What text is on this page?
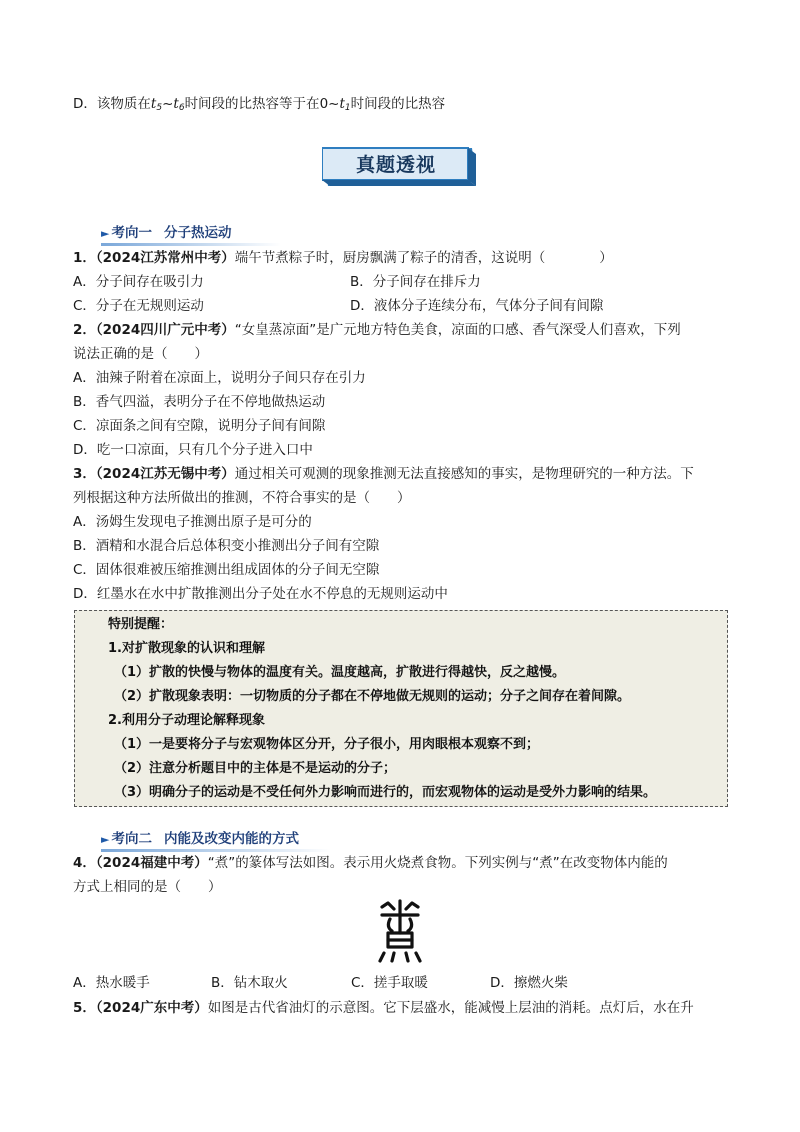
D．该物质在$t_5\sim t_6$时间段的比热容等于在$0\sim t_1$时间段的比热容
真题透视
► 考向一 分子热运动
1．（2024江苏常州中考）端午节煮粽子时，厨房飘满了粽子的清香，这说明（　　　　）
A．分子间存在吸引力	B．分子间存在排斥力
C．分子在无规则运动	D．液体分子连续分布，气体分子间有间隙
2．（2024四川广元中考）“女皇蒸凉面”是广元地方特色美食，凉面的口感、香气深受人们喜欢，下列
说法正确的是（　　）
A．油辣子附着在凉面上，说明分子间只存在引力
B．香气四溢，表明分子在不停地做热运动
C．凉面条之间有空隙，说明分子间有间隙
D．吃一口凉面，只有几个分子进入口中
3．（2024江苏无锡中考）通过相关可观测的现象推测无法直接感知的事实，是物理研究的一种方法。下
列根据这种方法所做出的推测，不符合事实的是（　　）
A．汤姆生发现电子推测出原子是可分的
B．酒精和水混合后总体积变小推测出分子间有空隙
C．固体很难被压缩推测出组成固体的分子间无空隙
D．红墨水在水中扩散推测出分子处在水不停息的无规则运动中
特别提醒：
1.对扩散现象的认识和理解
（1）扩散的快慢与物体的温度有关。温度越高，扩散进行得越快，反之越慢。
（2）扩散现象表明：一切物质的分子都在不停地做无规则的运动；分子之间存在着间隙。
2.利用分子动理论解释现象
（1）一是要将分子与宏观物体区分开，分子很小，用肉眼根本观察不到；
（2）注意分析题目中的主体是不是运动的分子；
（3）明确分子的运动是不受任何外力影响而进行的，而宏观物体的运动是受外力影响的结果。
► 考向二 内能及改变内能的方式
4．（2024福建中考）“煮”的篆体写法如图。表示用火烧煮食物。下列实例与“煮”在改变物体内能的
方式上相同的是（　　）
A．热水暖手	B．钻木取火	C．搓手取暖	D．擦燃火柴
5．（2024广东中考）如图是古代省油灯的示意图。它下层盛水，能减慢上层油的消耗。点灯后，水在升
